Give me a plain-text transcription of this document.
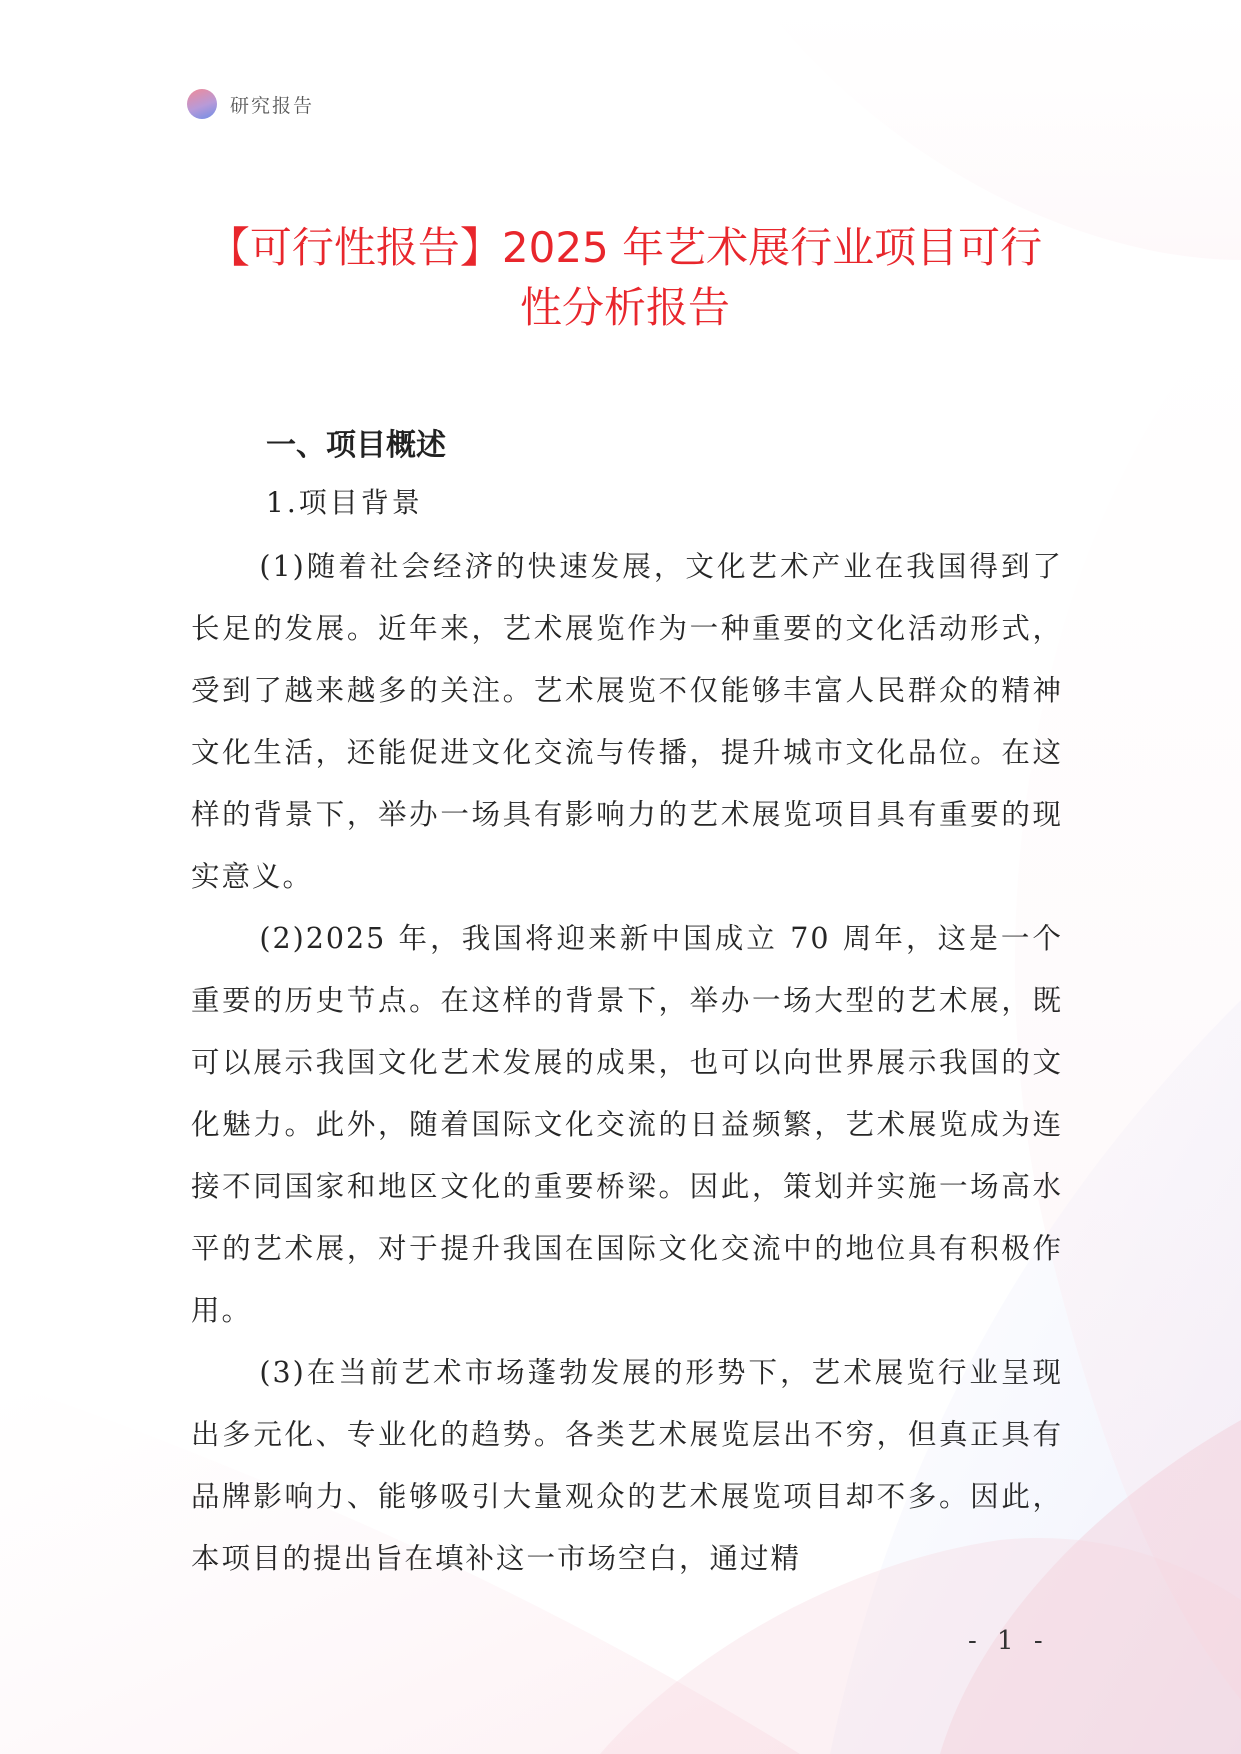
研究报告
【可行性报告】2025 年艺术展行业项目可行性分析报告
一、项目概述
1.项目背景

(1)随着社会经济的快速发展，文化艺术产业在我国得到了长足的发展。近年来，艺术展览作为一种重要的文化活动形式，受到了越来越多的关注。艺术展览不仅能够丰富人民群众的精神文化生活，还能促进文化交流与传播，提升城市文化品位。在这样的背景下，举办一场具有影响力的艺术展览项目具有重要的现实意义。

(2)2025 年，我国将迎来新中国成立 70 周年，这是一个重要的历史节点。在这样的背景下，举办一场大型的艺术展，既可以展示我国文化艺术发展的成果，也可以向世界展示我国的文化魅力。此外，随着国际文化交流的日益频繁，艺术展览成为连接不同国家和地区文化的重要桥梁。因此，策划并实施一场高水平的艺术展，对于提升我国在国际文化交流中的地位具有积极作用。

(3)在当前艺术市场蓬勃发展的形势下，艺术展览行业呈现出多元化、专业化的趋势。各类艺术展览层出不穷，但真正具有品牌影响力、能够吸引大量观众的艺术展览项目却不多。因此，本项目的提出旨在填补这一市场空白，通过精

- 1 -
